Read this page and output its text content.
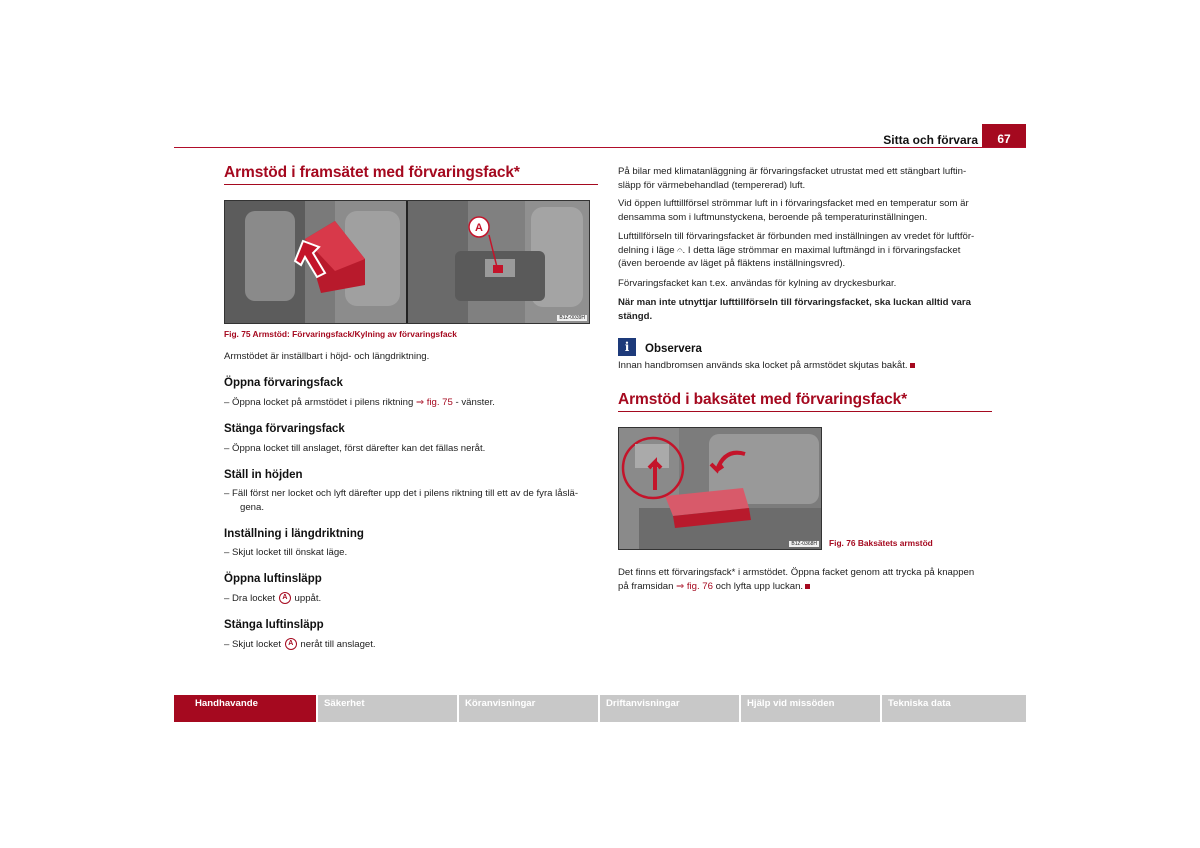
Sitta och förvara	67
Armstöd i framsätet med förvaringsfack*
A
B1Z-0039H
Fig. 75 Armstöd: Förvaringsfack/Kylning av förvaringsfack
Armstödet är inställbart i höjd- och längdriktning.
Öppna förvaringsfack
– Öppna locket på armstödet i pilens riktning ⇒ fig. 75 - vänster.
Stänga förvaringsfack
– Öppna locket till anslaget, först därefter kan det fällas neråt.
Ställ in höjden
– Fäll först ner locket och lyft därefter upp det i pilens riktning till ett av de fyra låslä-
gena.
Inställning i längdriktning
– Skjut locket till önskat läge.
Öppna luftinsläpp
– Dra locket A uppåt.
Stänga luftinsläpp
– Skjut locket A neråt till anslaget.
På bilar med klimatanläggning är förvaringsfacket utrustat med ett stängbart luftin-
släpp för värmebehandlad (tempererad) luft.
Vid öppen lufttillförsel strömmar luft in i förvaringsfacket med en temperatur som är
densamma som i luftmunstyckena, beroende på temperaturinställningen.
Lufttillförseln till förvaringsfacket är förbunden med inställningen av vredet för luftför-
delning i läge 𝄐. I detta läge strömmar en maximal luftmängd in i förvaringsfacket
(även beroende av läget på fläktens inställningsvred).
Förvaringsfacket kan t.ex. användas för kylning av dryckesburkar.
När man inte utnyttjar lufttillförseln till förvaringsfacket, ska luckan alltid vara
stängd.
i	Observera
Innan handbromsen används ska locket på armstödet skjutas bakåt.
Armstöd i baksätet med förvaringsfack*
B1Z-0368H Fig. 76 Baksätets armstöd
Det finns ett förvaringsfack* i armstödet. Öppna facket genom att trycka på knappen
på framsidan ⇒ fig. 76 och lyfta upp luckan.
Handhavande	Säkerhet	Köranvisningar	Driftanvisningar	Hjälp vid missöden	Tekniska data
